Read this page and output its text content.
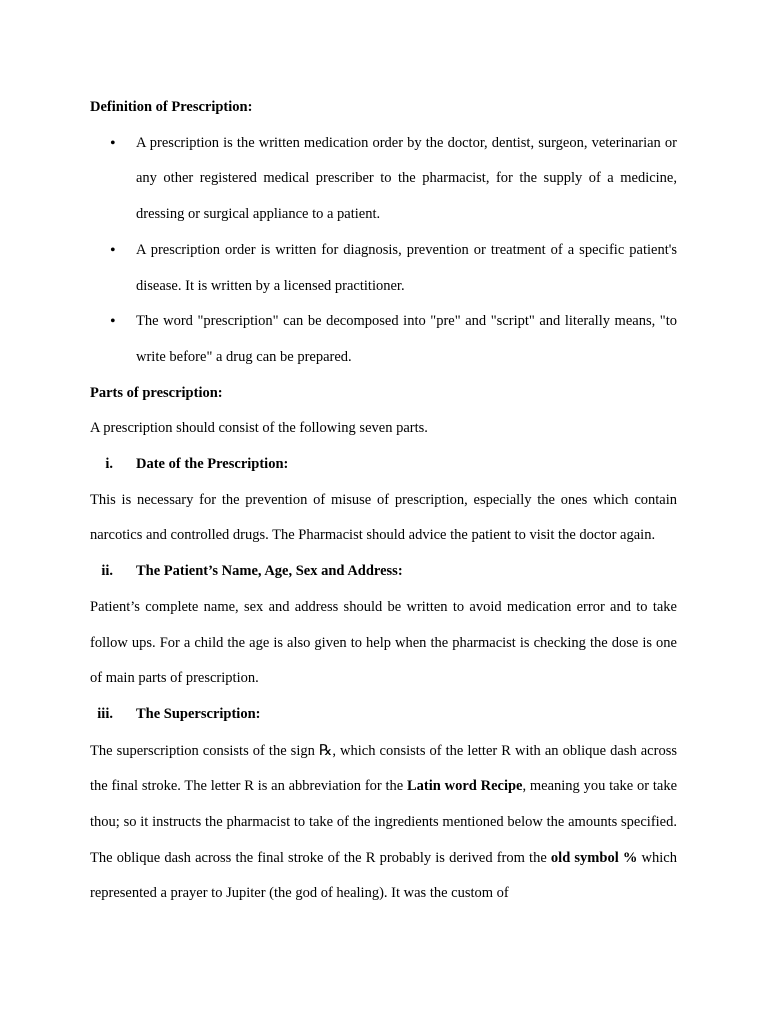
Definition of Prescription:

• A prescription is the written medication order by the doctor, dentist, surgeon, veterinarian or any other registered medical prescriber to the pharmacist, for the supply of a medicine, dressing or surgical appliance to a patient.
• A prescription order is written for diagnosis, prevention or treatment of a specific patient's disease. It is written by a licensed practitioner.
• The word "prescription" can be decomposed into "pre" and "script" and literally means, "to write before" a drug can be prepared.

Parts of prescription:

A prescription should consist of the following seven parts.

i. Date of the Prescription:

This is necessary for the prevention of misuse of prescription, especially the ones which contain narcotics and controlled drugs. The Pharmacist should advice the patient to visit the doctor again.

ii. The Patient’s Name, Age, Sex and Address:

Patient’s complete name, sex and address should be written to avoid medication error and to take follow ups. For a child the age is also given to help when the pharmacist is checking the dose is one of main parts of prescription.

iii. The Superscription:

The superscription consists of the sign ℞, which consists of the letter R with an oblique dash across the final stroke. The letter R is an abbreviation for the Latin word Recipe, meaning you take or take thou; so it instructs the pharmacist to take of the ingredients mentioned below the amounts specified. The oblique dash across the final stroke of the R probably is derived from the old symbol % which represented a prayer to Jupiter (the god of healing). It was the custom of
